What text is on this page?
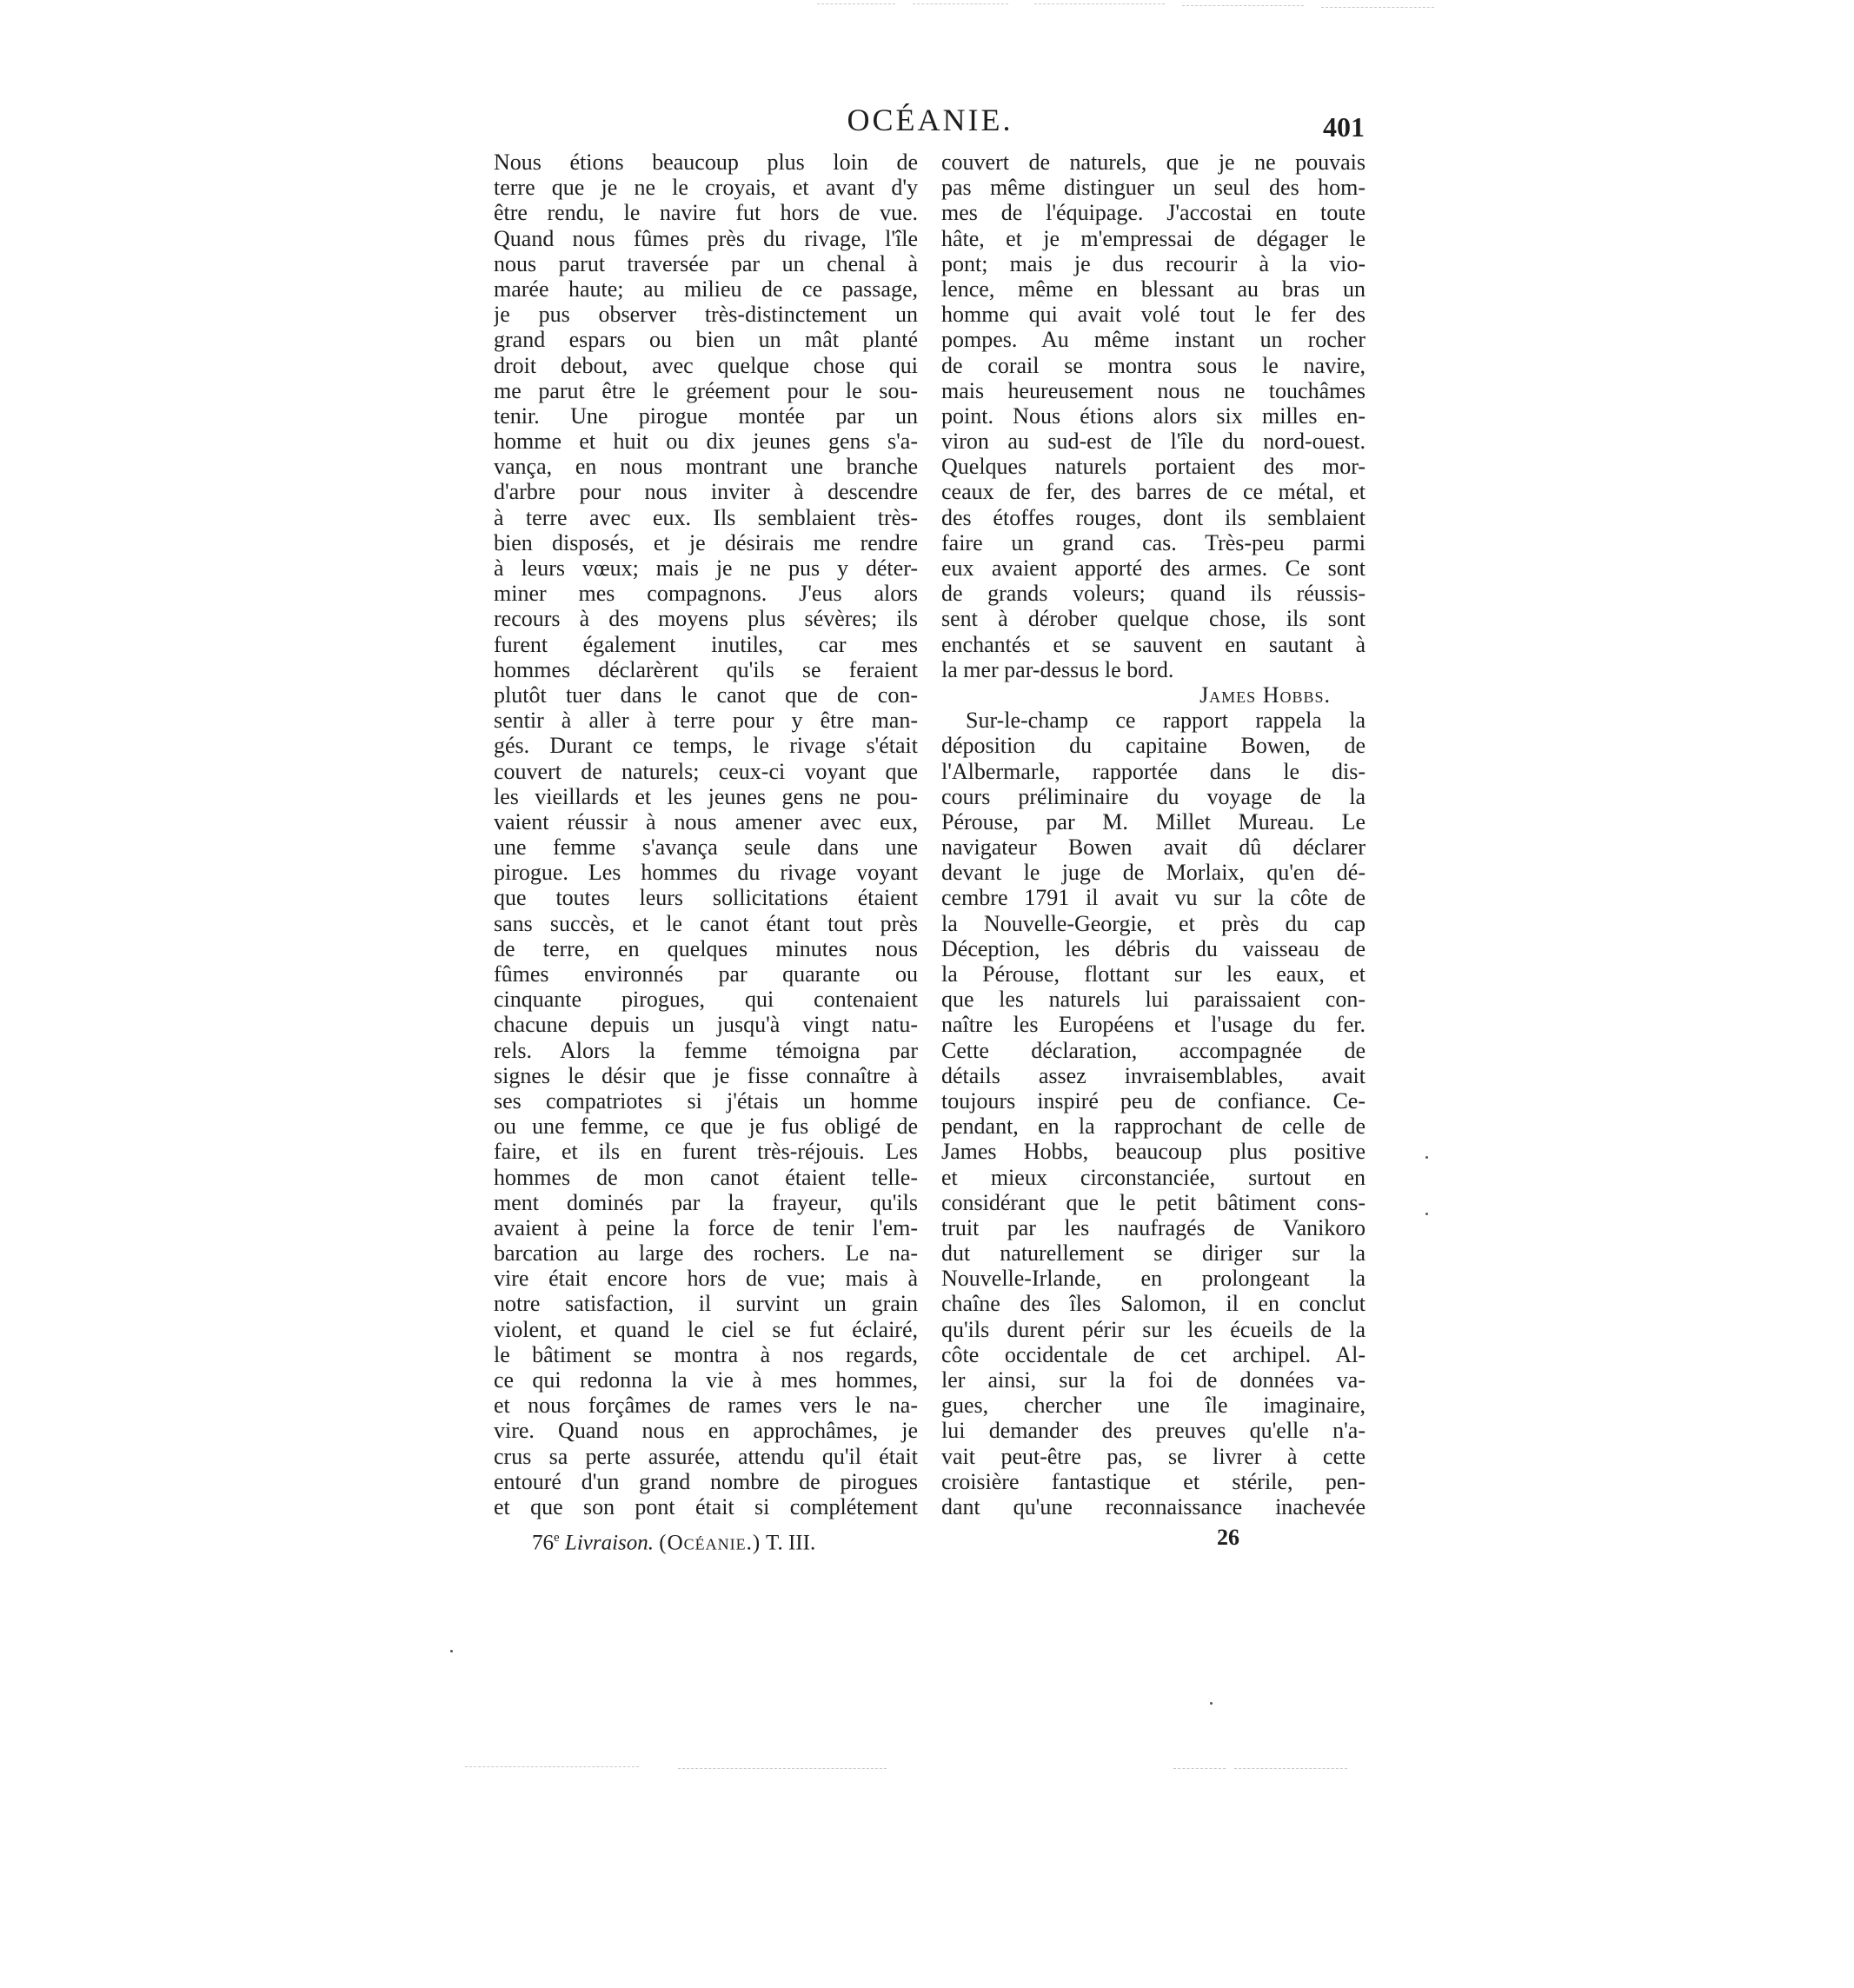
OCÉANIE.	401
Nous étions beaucoup plus loin de
terre que je ne le croyais, et avant d'y
être rendu, le navire fut hors de vue.
Quand nous fûmes près du rivage, l'île
nous parut traversée par un chenal à
marée haute; au milieu de ce passage,
je pus observer très-distinctement un
grand espars ou bien un mât planté
droit debout, avec quelque chose qui
me parut être le gréement pour le sou-
tenir. Une pirogue montée par un
homme et huit ou dix jeunes gens s'a-
vança, en nous montrant une branche
d'arbre pour nous inviter à descendre
à terre avec eux. Ils semblaient très-
bien disposés, et je désirais me rendre
à leurs vœux; mais je ne pus y déter-
miner mes compagnons. J'eus alors
recours à des moyens plus sévères; ils
furent également inutiles, car mes
hommes déclarèrent qu'ils se feraient
plutôt tuer dans le canot que de con-
sentir à aller à terre pour y être man-
gés. Durant ce temps, le rivage s'était
couvert de naturels; ceux-ci voyant que
les vieillards et les jeunes gens ne pou-
vaient réussir à nous amener avec eux,
une femme s'avança seule dans une
pirogue. Les hommes du rivage voyant
que toutes leurs sollicitations étaient
sans succès, et le canot étant tout près
de terre, en quelques minutes nous
fûmes environnés par quarante ou
cinquante pirogues, qui contenaient
chacune depuis un jusqu'à vingt natu-
rels. Alors la femme témoigna par
signes le désir que je fisse connaître à
ses compatriotes si j'étais un homme
ou une femme, ce que je fus obligé de
faire, et ils en furent très-réjouis. Les
hommes de mon canot étaient telle-
ment dominés par la frayeur, qu'ils
avaient à peine la force de tenir l'em-
barcation au large des rochers. Le na-
vire était encore hors de vue; mais à
notre satisfaction, il survint un grain
violent, et quand le ciel se fut éclairé,
le bâtiment se montra à nos regards,
ce qui redonna la vie à mes hommes,
et nous forçâmes de rames vers le na-
vire. Quand nous en approchâmes, je
crus sa perte assurée, attendu qu'il était
entouré d'un grand nombre de pirogues
et que son pont était si complétement
couvert de naturels, que je ne pouvais
pas même distinguer un seul des hom-
mes de l'équipage. J'accostai en toute
hâte, et je m'empressai de dégager le
pont; mais je dus recourir à la vio-
lence, même en blessant au bras un
homme qui avait volé tout le fer des
pompes. Au même instant un rocher
de corail se montra sous le navire,
mais heureusement nous ne touchâmes
point. Nous étions alors six milles en-
viron au sud-est de l'île du nord-ouest.
Quelques naturels portaient des mor-
ceaux de fer, des barres de ce métal, et
des étoffes rouges, dont ils semblaient
faire un grand cas. Très-peu parmi
eux avaient apporté des armes. Ce sont
de grands voleurs; quand ils réussis-
sent à dérober quelque chose, ils sont
enchantés et se sauvent en sautant à
la mer par-dessus le bord.
James Hobbs.
Sur-le-champ ce rapport rappela la
déposition du capitaine Bowen, de
l'Albermarle, rapportée dans le dis-
cours préliminaire du voyage de la
Pérouse, par M. Millet Mureau. Le
navigateur Bowen avait dû déclarer
devant le juge de Morlaix, qu'en dé-
cembre 1791 il avait vu sur la côte de
la Nouvelle-Georgie, et près du cap
Déception, les débris du vaisseau de
la Pérouse, flottant sur les eaux, et
que les naturels lui paraissaient con-
naître les Européens et l'usage du fer.
Cette déclaration, accompagnée de
détails assez invraisemblables, avait
toujours inspiré peu de confiance. Ce-
pendant, en la rapprochant de celle de
James Hobbs, beaucoup plus positive
et mieux circonstanciée, surtout en
considérant que le petit bâtiment cons-
truit par les naufragés de Vanikoro
dut naturellement se diriger sur la
Nouvelle-Irlande, en prolongeant la
chaîne des îles Salomon, il en conclut
qu'ils durent périr sur les écueils de la
côte occidentale de cet archipel. Al-
ler ainsi, sur la foi de données va-
gues, chercher une île imaginaire,
lui demander des preuves qu'elle n'a-
vait peut-être pas, se livrer à cette
croisière fantastique et stérile, pen-
dant qu'une reconnaissance inachevée
76e Livraison. (Océanie.) T. III.	26
